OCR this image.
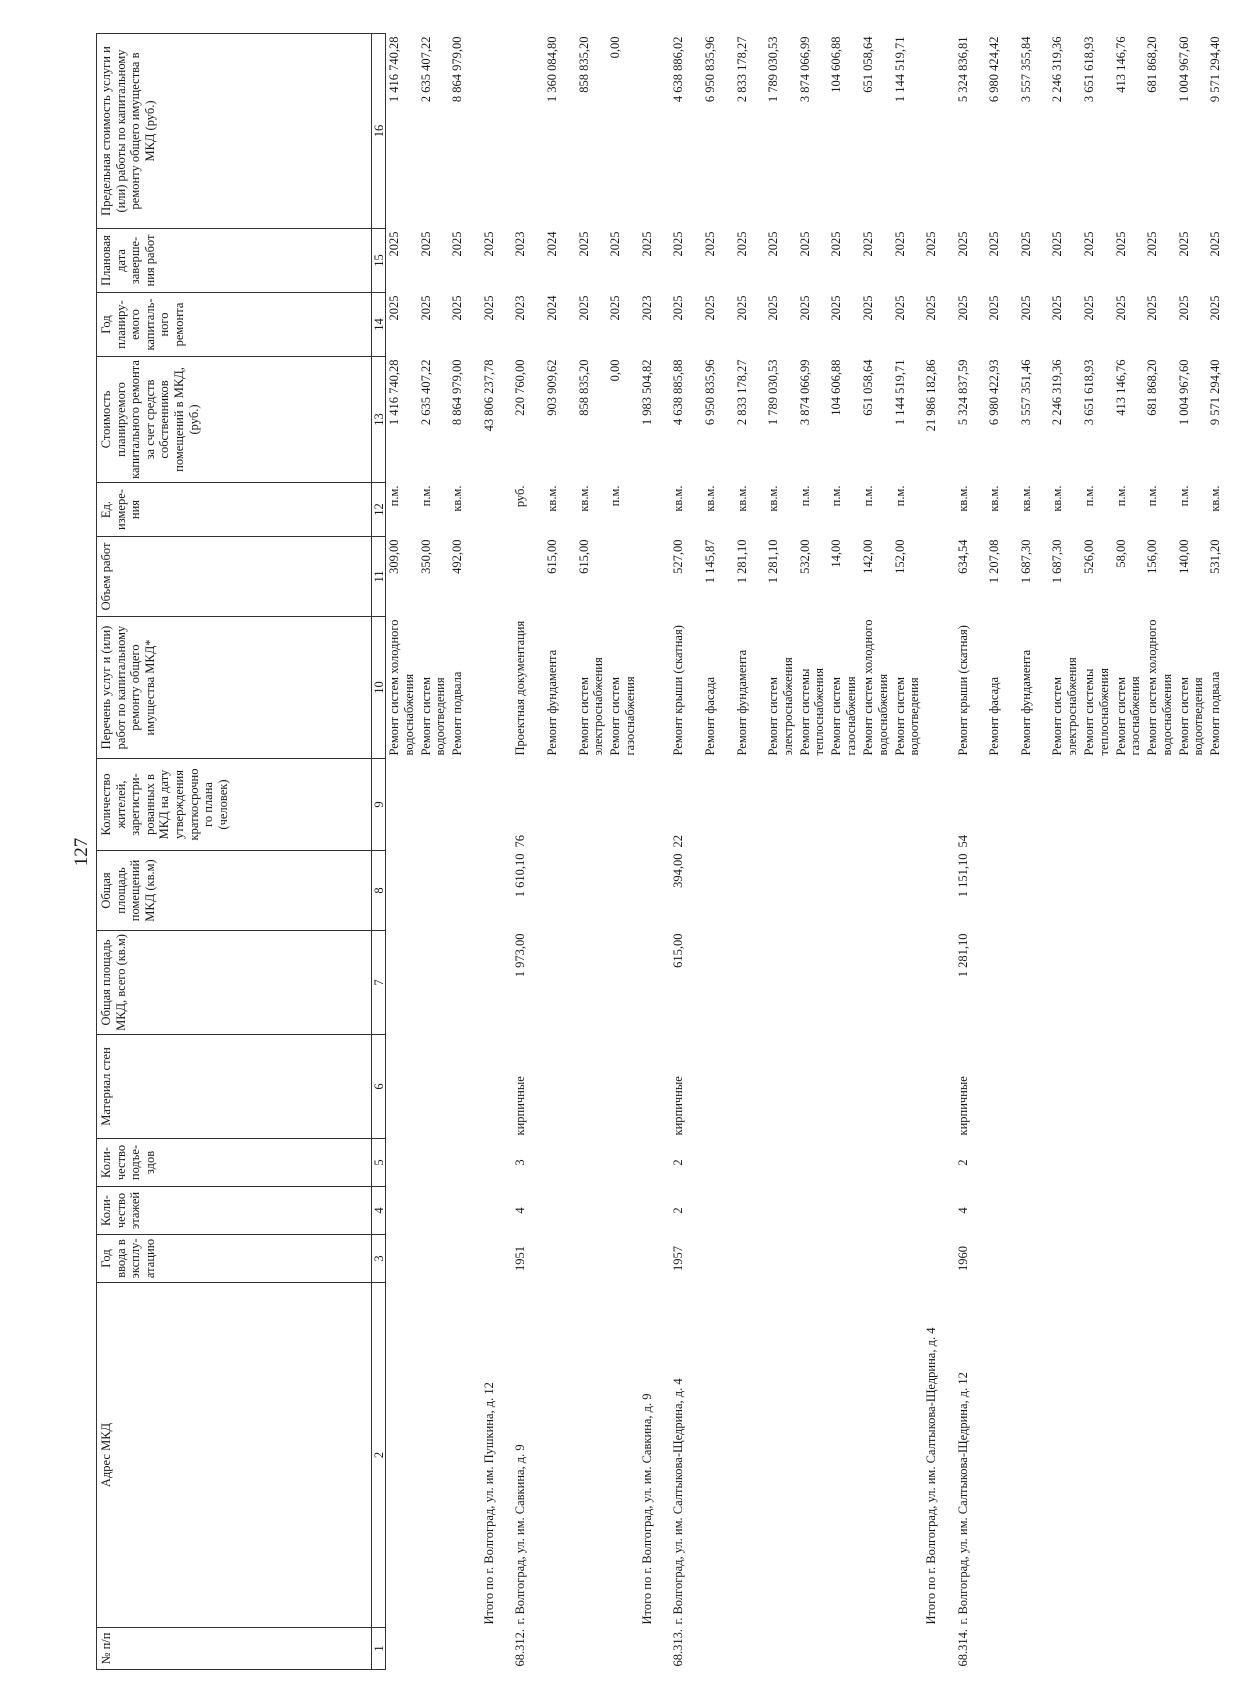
127
№ п/п	Адрес МКД	Год ввода в эксплу-атацию	Коли-чество этажей	Коли-чество подъе-здов	Материал стен	Общая площадь МКД, всего (кв.м)	Общая площадь помещений МКД (кв.м)	Количество жителей, зарегистри-рованных в МКД на дату утверждения краткосрочно го плана (человек)	Перечень услуг и (или) работ по капитальному ремонту общего имущества МКД*	Объем работ	Ед. измере-ния	Стоимость планируемого капитального ремонта за счет средств собственников помещений в МКД, (руб.)	Год планиру-емого капиталь-ного ремонта	Плановая дата заверше-ния работ	Предельная стоимость услуги и (или) работы по капитальному ремонту общего имущества в МКД (руб.)
1	2	3	4	5	6	7	8	9	10	11	12	13	14	15	16
									Ремонт систем холодного водоснабжения	309,00	п.м.	1 416 740,28	2025	2025	1 416 740,28
									Ремонт систем водоотведения	350,00	п.м.	2 635 407,22	2025	2025	2 635 407,22
									Ремонт подвала	492,00	кв.м.	8 864 979,00	2025	2025	8 864 979,00
	Итого по г. Волгоград, ул. им. Пушкина, д. 12											43 806 237,78	2025	2025	
68.312.	г. Волгоград, ул. им. Савкина, д. 9	1951	4	3	кирпичные	1 973,00	1 610,10	76	Проектная документация		руб.	220 760,00	2023	2023	
									Ремонт фундамента	615,00	кв.м.	903 909,62	2024	2024	1 360 084,80
									Ремонт систем электроснабжения	615,00	кв.м.	858 835,20	2025	2025	858 835,20
									Ремонт систем газоснабжения		п.м.	0,00	2025	2025	0,00
	Итого по г. Волгоград, ул. им. Савкина, д. 9											1 983 504,82	2023	2025	
68.313.	г. Волгоград, ул. им. Салтыкова-Щедрина, д. 4	1957	2	2	кирпичные	615,00	394,00	22	Ремонт крыши (скатная)	527,00	кв.м.	4 638 885,88	2025	2025	4 638 886,02
									Ремонт фасада	1 145,87	кв.м.	6 950 835,96	2025	2025	6 950 835,96
									Ремонт фундамента	1 281,10	кв.м.	2 833 178,27	2025	2025	2 833 178,27
									Ремонт систем электроснабжения	1 281,10	кв.м.	1 789 030,53	2025	2025	1 789 030,53
									Ремонт системы теплоснабжения	532,00	п.м.	3 874 066,99	2025	2025	3 874 066,99
									Ремонт систем газоснабжения	14,00	п.м.	104 606,88	2025	2025	104 606,88
									Ремонт систем холодного водоснабжения	142,00	п.м.	651 058,64	2025	2025	651 058,64
									Ремонт систем водоотведения	152,00	п.м.	1 144 519,71	2025	2025	1 144 519,71
	Итого по г. Волгоград, ул. им. Салтыкова-Щедрина, д. 4											21 986 182,86	2025	2025	
68.314.	г. Волгоград, ул. им. Салтыкова-Щедрина, д. 12	1960	4	2	кирпичные	1 281,10	1 151,10	54	Ремонт крыши (скатная)	634,54	кв.м.	5 324 837,59	2025	2025	5 324 836,81
									Ремонт фасада	1 207,08	кв.м.	6 980 422,93	2025	2025	6 980 424,42
									Ремонт фундамента	1 687,30	кв.м.	3 557 351,46	2025	2025	3 557 355,84
									Ремонт систем электроснабжения	1 687,30	кв.м.	2 246 319,36	2025	2025	2 246 319,36
									Ремонт системы теплоснабжения	526,00	п.м.	3 651 618,93	2025	2025	3 651 618,93
									Ремонт систем газоснабжения	58,00	п.м.	413 146,76	2025	2025	413 146,76
									Ремонт систем холодного водоснабжения	156,00	п.м.	681 868,20	2025	2025	681 868,20
									Ремонт систем водоотведения	140,00	п.м.	1 004 967,60	2025	2025	1 004 967,60
									Ремонт подвала	531,20	кв.м.	9 571 294,40	2025	2025	9 571 294,40
